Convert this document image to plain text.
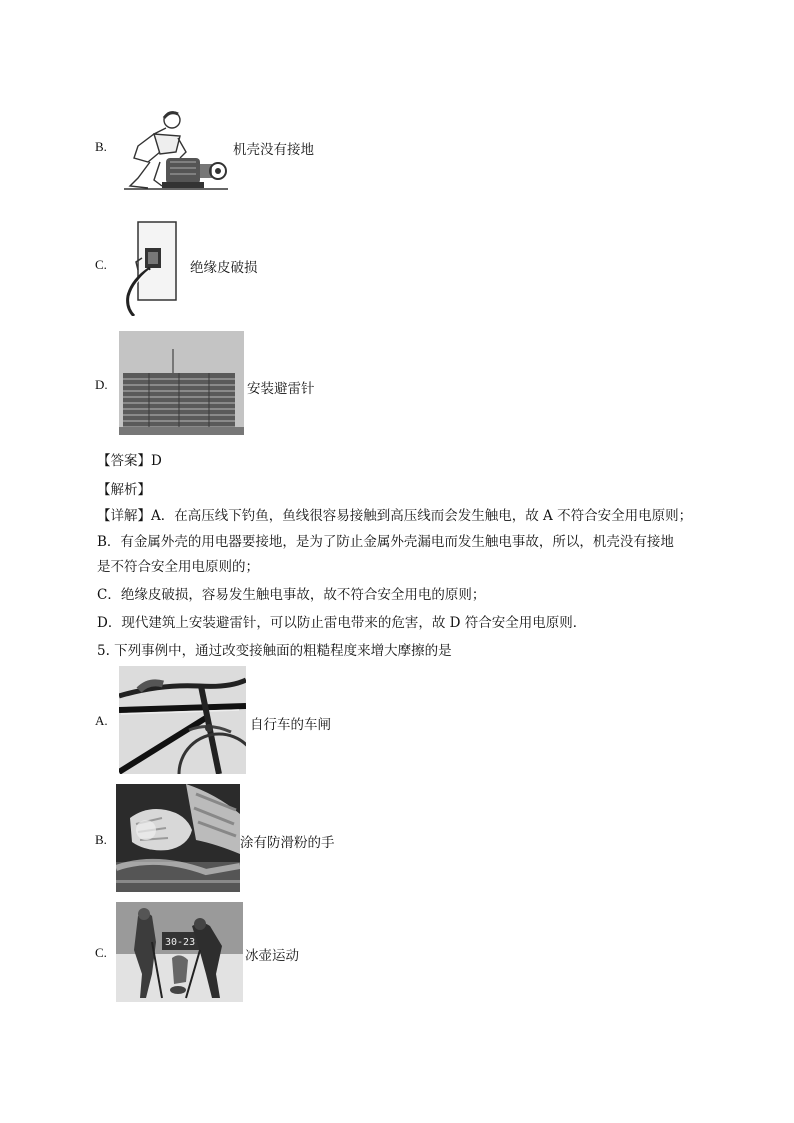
B.	机壳没有接地
C.	绝缘皮破损
D.	安装避雷针
【答案】D
【解析】
【详解】A．在高压线下钓鱼，鱼线很容易接触到高压线而会发生触电，故 A 不符合安全用电原则；
B．有金属外壳的用电器要接地，是为了防止金属外壳漏电而发生触电事故，所以，机壳没有接地
是不符合安全用电原则的；
C．绝缘皮破损，容易发生触电事故，故不符合安全用电的原则；
D．现代建筑上安装避雷针，可以防止雷电带来的危害，故 D 符合安全用电原则．
5. 下列事例中，通过改变接触面的粗糙程度来增大摩擦的是
A.	自行车的车闸
B.	涂有防滑粉的手
C.
30-23
冰壶运动
